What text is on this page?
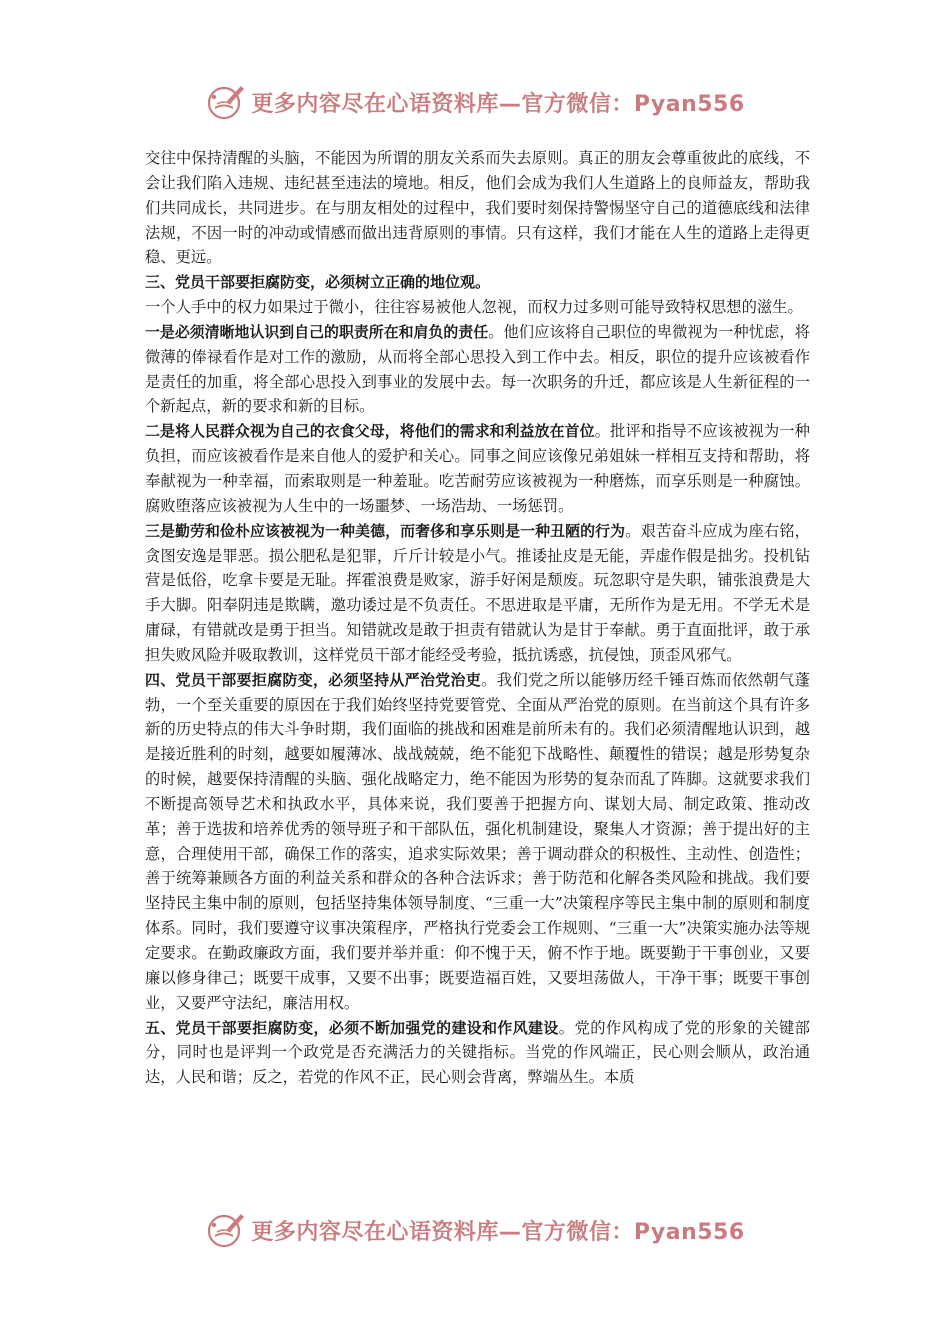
更多内容尽在心语资料库—官方微信：Pyan556

交往中保持清醒的头脑，不能因为所谓的朋友关系而失去原则。真正的朋友会尊重彼此的底线，不会让我们陷入违规、违纪甚至违法的境地。相反，他们会成为我们人生道路上的良师益友，帮助我们共同成长，共同进步。在与朋友相处的过程中，我们要时刻保持警惕坚守自己的道德底线和法律法规，不因一时的冲动或情感而做出违背原则的事情。只有这样，我们才能在人生的道路上走得更稳、更远。

三、党员干部要拒腐防变，必须树立正确的地位观。

一个人手中的权力如果过于微小，往往容易被他人忽视，而权力过多则可能导致特权思想的滋生。

一是必须清晰地认识到自己的职责所在和肩负的责任。他们应该将自己职位的卑微视为一种忧虑，将微薄的俸禄看作是对工作的激励，从而将全部心思投入到工作中去。相反，职位的提升应该被看作是责任的加重，将全部心思投入到事业的发展中去。每一次职务的升迁，都应该是人生新征程的一个新起点，新的要求和新的目标。

二是将人民群众视为自己的衣食父母，将他们的需求和利益放在首位。批评和指导不应该被视为一种负担，而应该被看作是来自他人的爱护和关心。同事之间应该像兄弟姐妹一样相互支持和帮助，将奉献视为一种幸福，而索取则是一种羞耻。吃苦耐劳应该被视为一种磨炼，而享乐则是一种腐蚀。腐败堕落应该被视为人生中的一场噩梦、一场浩劫、一场惩罚。

三是勤劳和俭朴应该被视为一种美德，而奢侈和享乐则是一种丑陋的行为。艰苦奋斗应成为座右铭，贪图安逸是罪恶。损公肥私是犯罪，斤斤计较是小气。推诿扯皮是无能，弄虚作假是拙劣。投机钻营是低俗，吃拿卡要是无耻。挥霍浪费是败家，游手好闲是颓废。玩忽职守是失职，铺张浪费是大手大脚。阳奉阴违是欺瞒，邀功诿过是不负责任。不思进取是平庸，无所作为是无用。不学无术是庸碌，有错就改是勇于担当。知错就改是敢于担责有错就认为是甘于奉献。勇于直面批评，敢于承担失败风险并吸取教训，这样党员干部才能经受考验，抵抗诱惑，抗侵蚀，顶歪风邪气。

四、党员干部要拒腐防变，必须坚持从严治党治吏。我们党之所以能够历经千锤百炼而依然朝气蓬勃，一个至关重要的原因在于我们始终坚持党要管党、全面从严治党的原则。在当前这个具有许多新的历史特点的伟大斗争时期，我们面临的挑战和困难是前所未有的。我们必须清醒地认识到，越是接近胜利的时刻，越要如履薄冰、战战兢兢，绝不能犯下战略性、颠覆性的错误；越是形势复杂的时候，越要保持清醒的头脑、强化战略定力，绝不能因为形势的复杂而乱了阵脚。这就要求我们不断提高领导艺术和执政水平，具体来说，我们要善于把握方向、谋划大局、制定政策、推动改革；善于选拔和培养优秀的领导班子和干部队伍，强化机制建设，聚集人才资源；善于提出好的主意，合理使用干部，确保工作的落实，追求实际效果；善于调动群众的积极性、主动性、创造性；善于统筹兼顾各方面的利益关系和群众的各种合法诉求；善于防范和化解各类风险和挑战。我们要坚持民主集中制的原则，包括坚持集体领导制度、“三重一大”决策程序等民主集中制的原则和制度体系。同时，我们要遵守议事决策程序，严格执行党委会工作规则、“三重一大”决策实施办法等规定要求。在勤政廉政方面，我们要并举并重：仰不愧于天，俯不怍于地。既要勤于干事创业，又要廉以修身律己；既要干成事，又要不出事；既要造福百姓，又要坦荡做人，干净干事；既要干事创业，又要严守法纪，廉洁用权。

五、党员干部要拒腐防变，必须不断加强党的建设和作风建设。党的作风构成了党的形象的关键部分，同时也是评判一个政党是否充满活力的关键指标。当党的作风端正，民心则会顺从，政治通达，人民和谐；反之，若党的作风不正，民心则会背离，弊端丛生。本质

更多内容尽在心语资料库—官方微信：Pyan556
